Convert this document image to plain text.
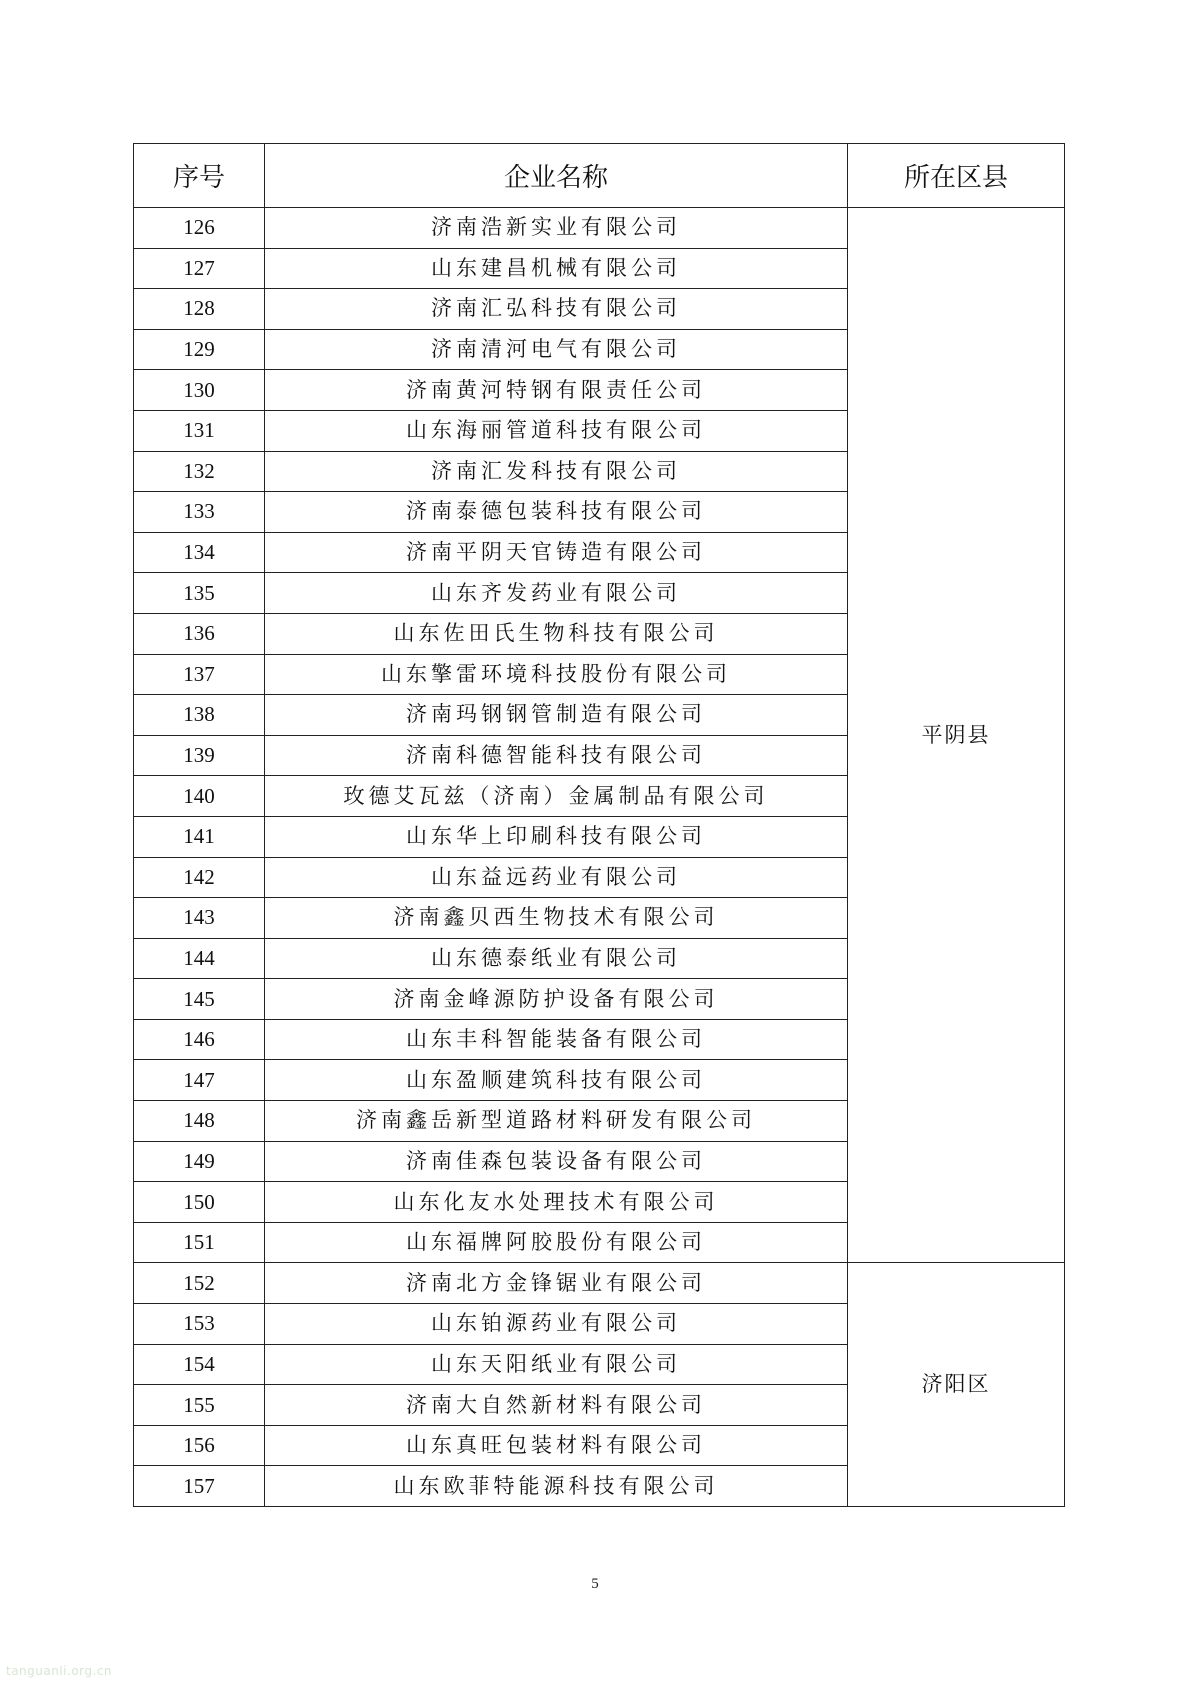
序号	企业名称	所在区县
126	济南浩新实业有限公司	平阴县
127	山东建昌机械有限公司	
128	济南汇弘科技有限公司	
129	济南清河电气有限公司	
130	济南黄河特钢有限责任公司	
131	山东海丽管道科技有限公司	
132	济南汇发科技有限公司	
133	济南泰德包装科技有限公司	
134	济南平阴天官铸造有限公司	
135	山东齐发药业有限公司	
136	山东佐田氏生物科技有限公司	
137	山东擎雷环境科技股份有限公司	
138	济南玛钢钢管制造有限公司	
139	济南科德智能科技有限公司	
140	玫德艾瓦兹（济南）金属制品有限公司	
141	山东华上印刷科技有限公司	
142	山东益远药业有限公司	
143	济南鑫贝西生物技术有限公司	
144	山东德泰纸业有限公司	
145	济南金峰源防护设备有限公司	
146	山东丰科智能装备有限公司	
147	山东盈顺建筑科技有限公司	
148	济南鑫岳新型道路材料研发有限公司	
149	济南佳森包装设备有限公司	
150	山东化友水处理技术有限公司	
151	山东福牌阿胶股份有限公司	
152	济南北方金锋锯业有限公司	济阳区
153	山东铂源药业有限公司	
154	山东天阳纸业有限公司	
155	济南大自然新材料有限公司	
156	山东真旺包装材料有限公司	
157	山东欧菲特能源科技有限公司	
5
tanguanli.org.cn
